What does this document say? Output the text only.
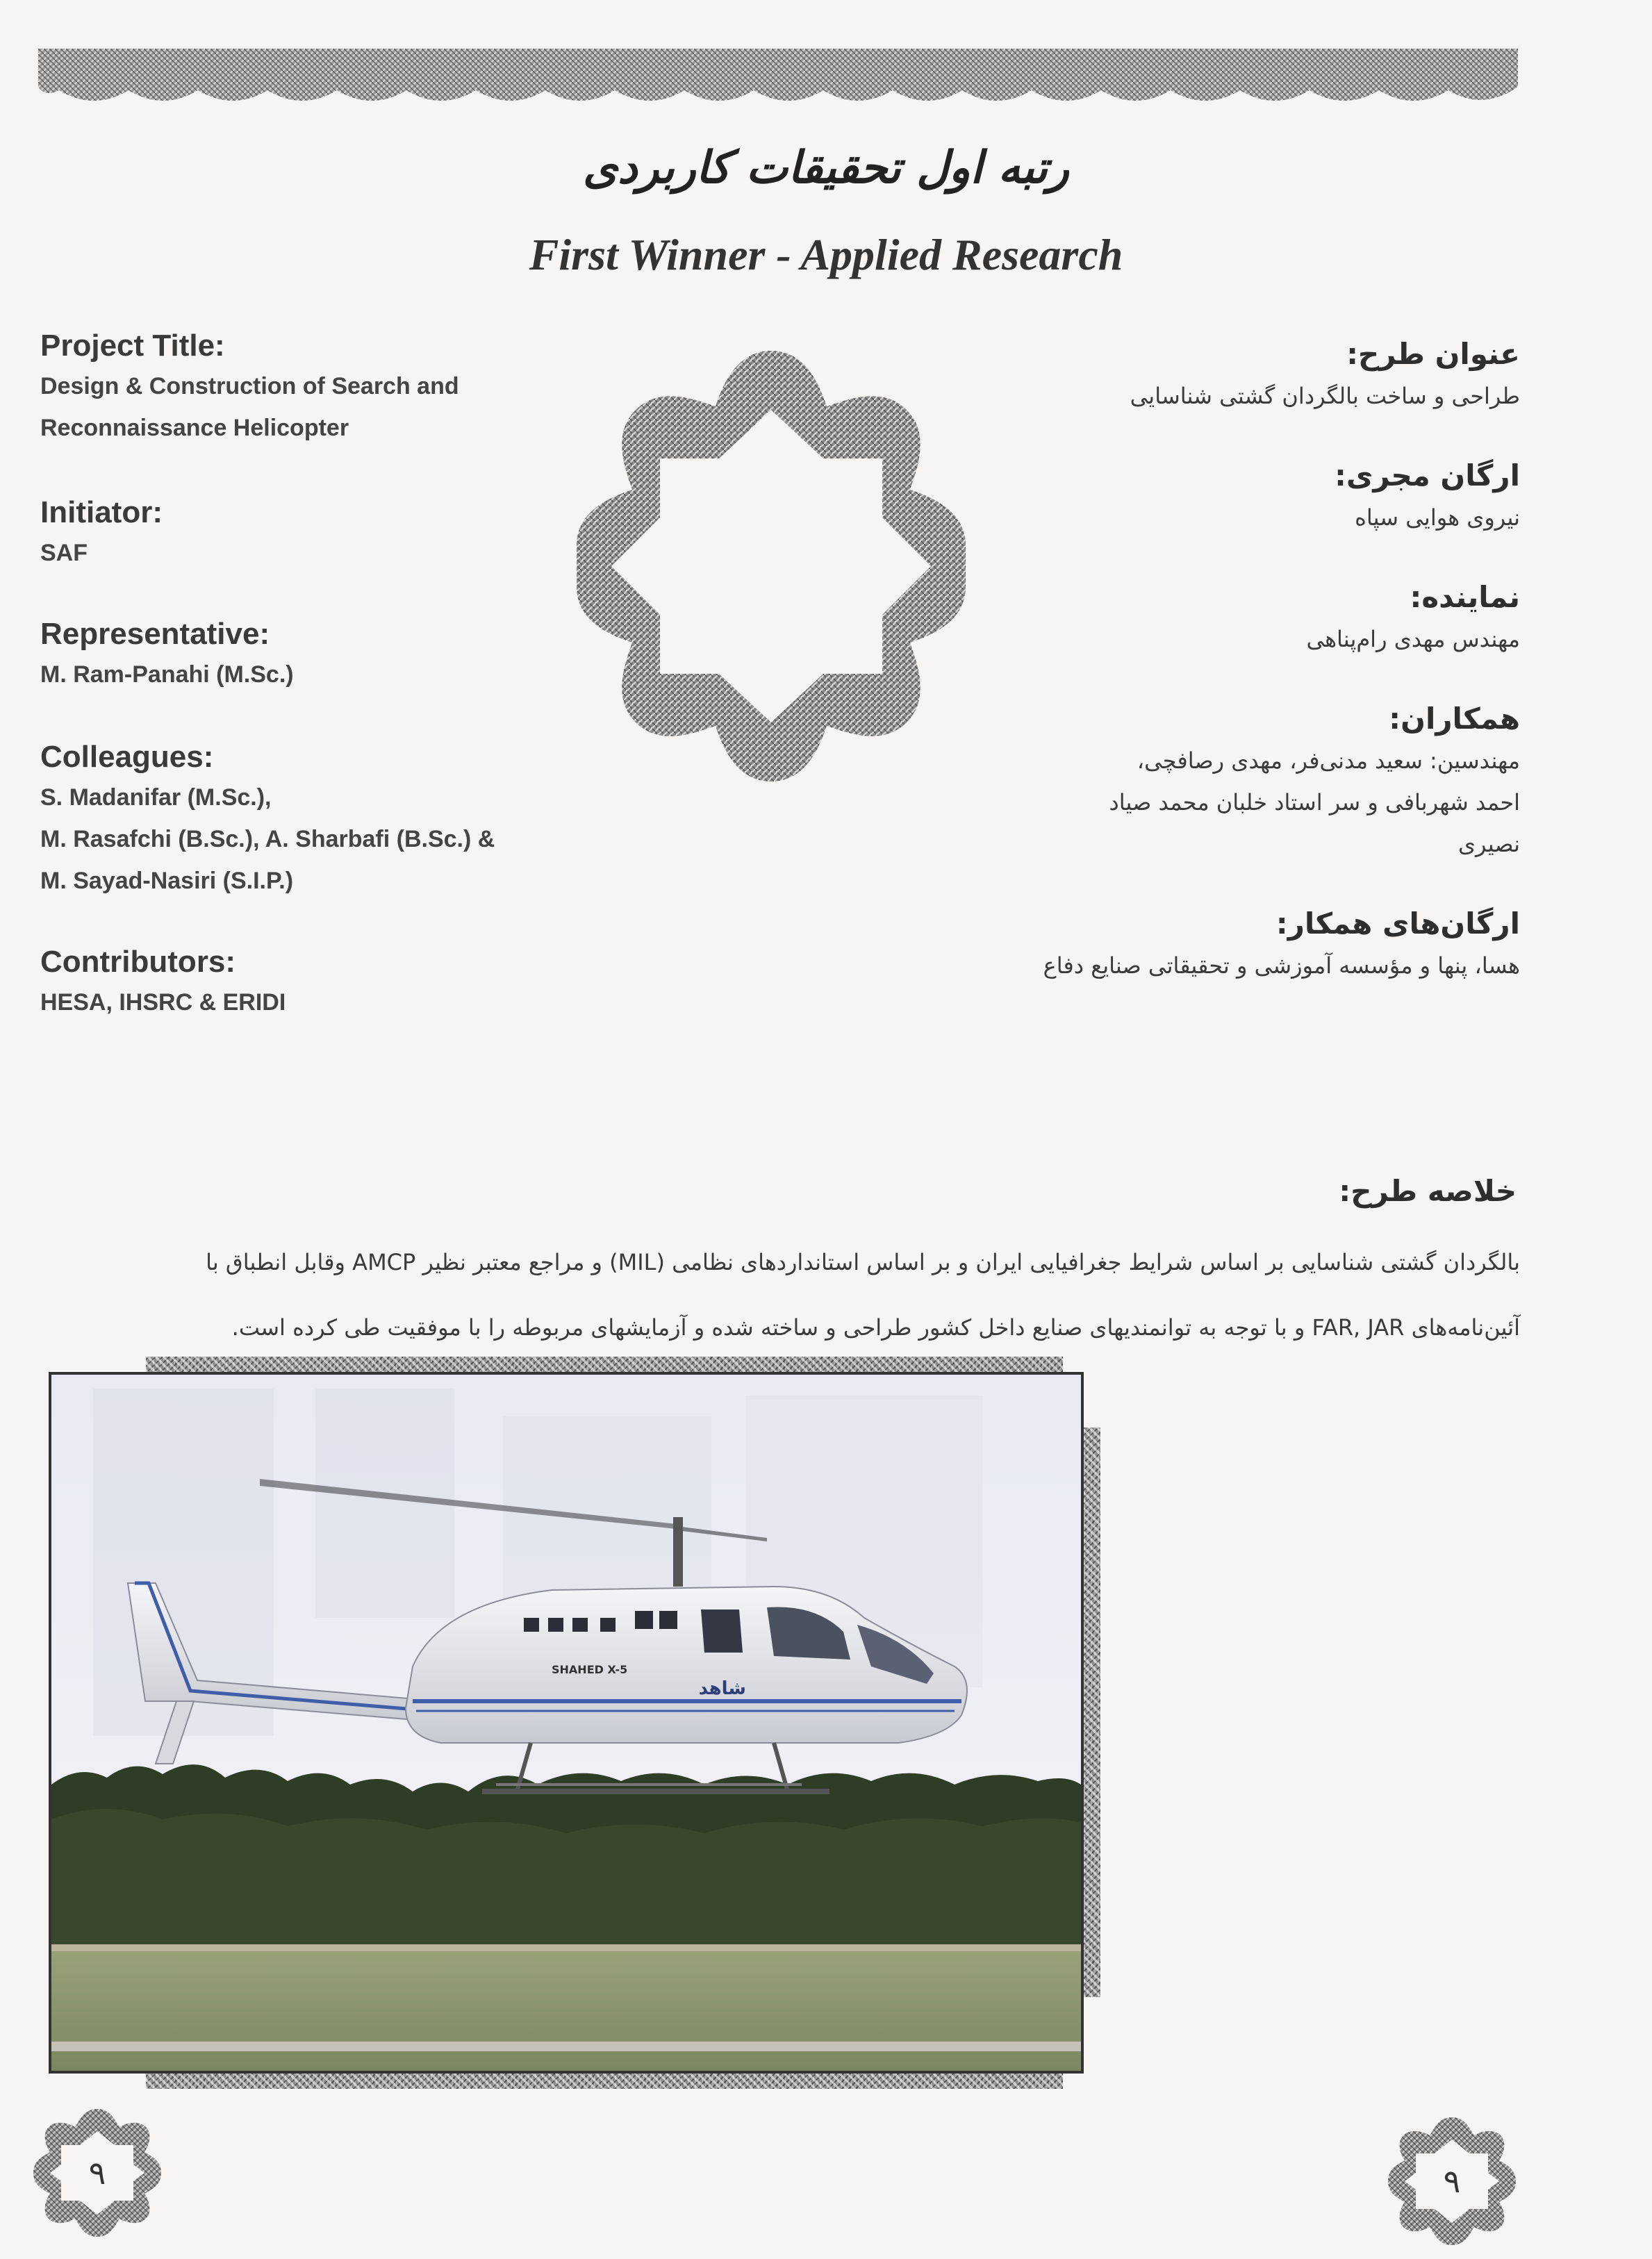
رتبه اول تحقیقات کاربردی
First Winner - Applied Research

Project Title:

Design & Construction of Search and

Reconnaissance Helicopter

Initiator:

SAF

Representative:

M. Ram-Panahi (M.Sc.)

Colleagues:

S. Madanifar (M.Sc.),

M. Rasafchi (B.Sc.), A. Sharbafi (B.Sc.) &

M. Sayad-Nasiri (S.I.P.)

Contributors:

HESA, IHSRC & ERIDI

عنوان طرح:

طراحی و ساخت بالگردان گشتی شناسایی

ارگان مجری:

نیروی هوایی سپاه

نماینده:

مهندس مهدی رام‌پناهی

همکاران:

مهندسین: سعید مدنی‌فر، مهدی رصافچی،

احمد شهربافی و سر استاد خلبان محمد صیاد

نصیری

ارگان‌های همکار:

هسا، پنها و مؤسسه آموزشی و تحقیقاتی صنایع دفاع

خلاصه طرح:
بالگردان گشتی شناسایی بر اساس شرایط جغرافیایی ایران و بر اساس استانداردهای نظامی (MIL) و مراجع معتبر نظیر AMCP وقابل انطباق با
آئین‌نامه‌های FAR, JAR و با توجه به توانمندیهای صنایع داخل کشور طراحی و ساخته شده و آزمایشهای مربوطه را با موفقیت طی کرده است.
SHAHED X-5
شاهد
٩	٩
